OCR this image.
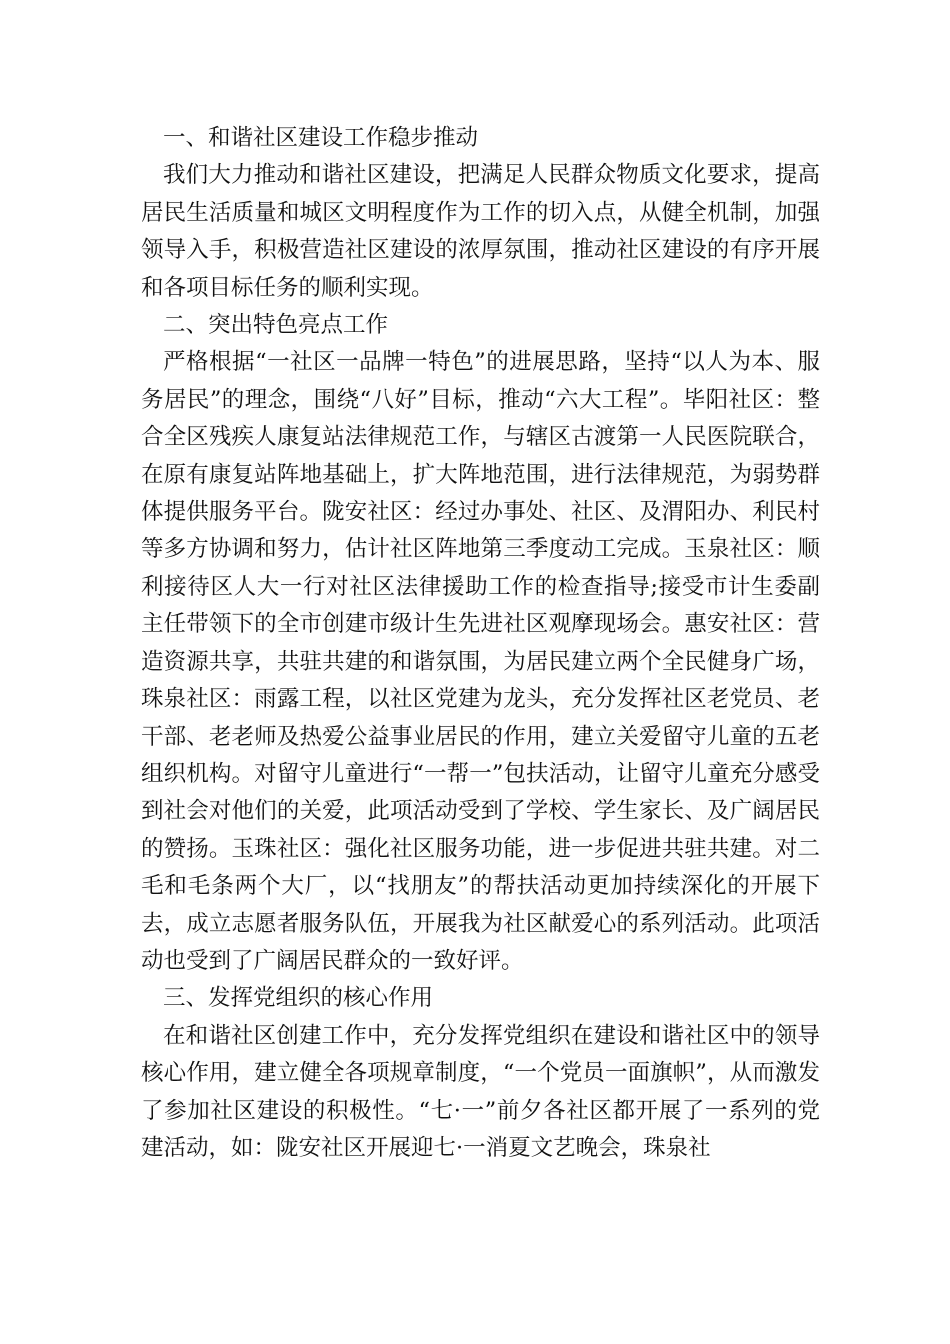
一、和谐社区建设工作稳步推动

我们大力推动和谐社区建设，把满足人民群众物质文化要求，提高居民生活质量和城区文明程度作为工作的切入点，从健全机制，加强领导入手，积极营造社区建设的浓厚氛围，推动社区建设的有序开展和各项目标任务的顺利实现。

二、突出特色亮点工作

严格根据“一社区一品牌一特色”的进展思路，坚持“以人为本、服务居民”的理念，围绕“八好”目标，推动“六大工程”。毕阳社区：整合全区残疾人康复站法律规范工作，与辖区古渡第一人民医院联合，在原有康复站阵地基础上，扩大阵地范围，进行法律规范，为弱势群体提供服务平台。陇安社区：经过办事处、社区、及渭阳办、利民村等多方协调和努力，估计社区阵地第三季度动工完成。玉泉社区：顺利接待区人大一行对社区法律援助工作的检查指导;接受市计生委副主任带领下的全市创建市级计生先进社区观摩现场会。惠安社区：营造资源共享，共驻共建的和谐氛围，为居民建立两个全民健身广场，珠泉社区：雨露工程，以社区党建为龙头，充分发挥社区老党员、老干部、老老师及热爱公益事业居民的作用，建立关爱留守儿童的五老组织机构。对留守儿童进行“一帮一”包扶活动，让留守儿童充分感受到社会对他们的关爱，此项活动受到了学校、学生家长、及广阔居民的赞扬。玉珠社区：强化社区服务功能，进一步促进共驻共建。对二毛和毛条两个大厂，以“找朋友”的帮扶活动更加持续深化的开展下去，成立志愿者服务队伍，开展我为社区献爱心的系列活动。此项活动也受到了广阔居民群众的一致好评。

三、发挥党组织的核心作用

在和谐社区创建工作中，充分发挥党组织在建设和谐社区中的领导核心作用，建立健全各项规章制度，“一个党员一面旗帜”，从而激发了参加社区建设的积极性。“七·一”前夕各社区都开展了一系列的党建活动，如：陇安社区开展迎七·一消夏文艺晚会，珠泉社
